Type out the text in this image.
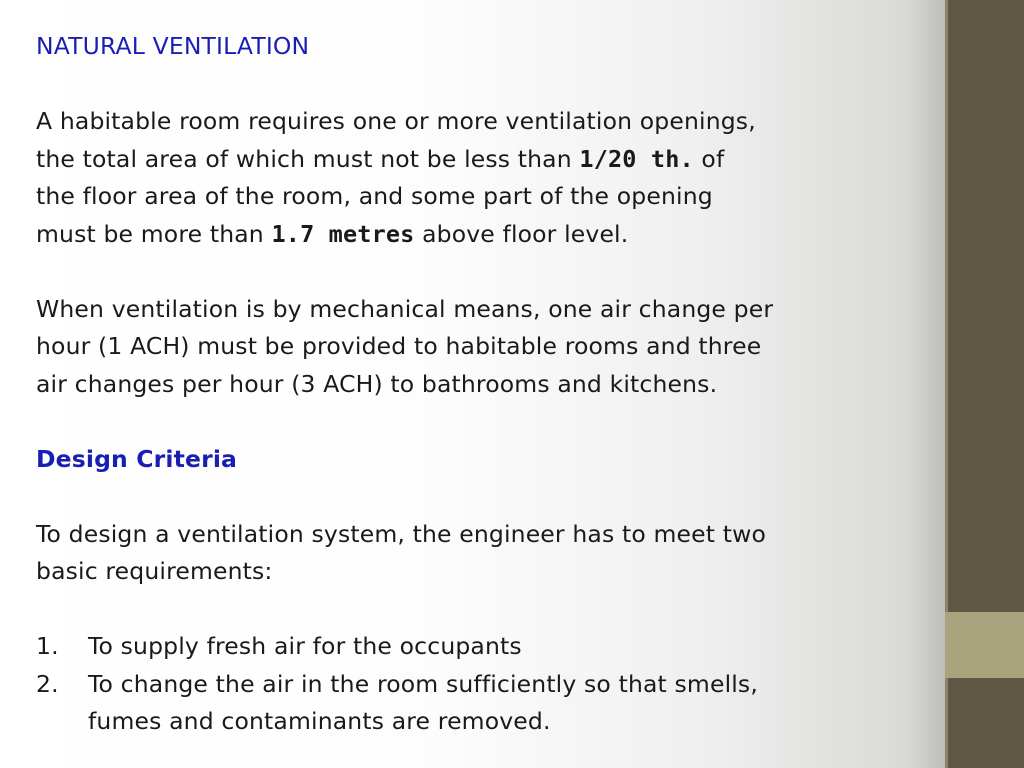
NATURAL VENTILATION
A habitable room requires one or more ventilation openings,
the total area of which must not be less than 1/20 th. of
the floor area of the room, and some part of the opening
must be more than 1.7 metres above floor level.
When ventilation is by mechanical means, one air change per
hour (1 ACH) must be provided to habitable rooms and three
air changes per hour (3 ACH) to bathrooms and kitchens.
Design Criteria
To design a ventilation system, the engineer has to meet two
basic requirements:
1. To supply fresh air for the occupants
2. To change the air in the room sufficiently so that smells,
fumes and contaminants are removed.
